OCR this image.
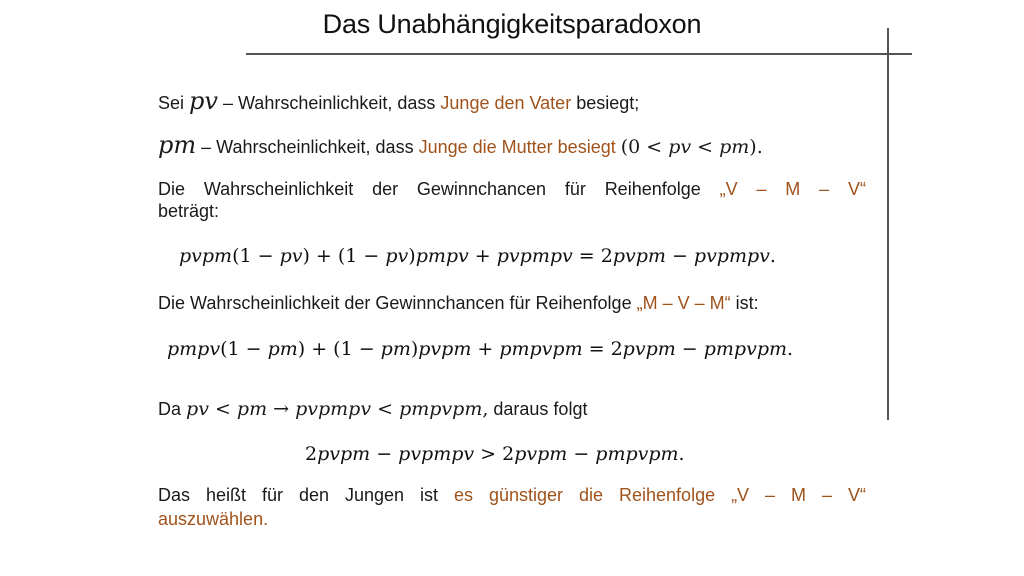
Das Unabhängigkeitsparadoxon
Sei 𝑝𝑣 – Wahrscheinlichkeit, dass Junge den Vater besiegt;
𝑝𝑚 – Wahrscheinlichkeit, dass Junge die Mutter besiegt (0 < 𝑝𝑣 < 𝑝𝑚).
Die Wahrscheinlichkeit der Gewinnchancen für Reihenfolge „V – M – V“
beträgt:
𝑝𝑣𝑝𝑚(1 − 𝑝𝑣) + (1 − 𝑝𝑣)𝑝𝑚𝑝𝑣 + 𝑝𝑣𝑝𝑚𝑝𝑣 = 2𝑝𝑣𝑝𝑚 − 𝑝𝑣𝑝𝑚𝑝𝑣.
Die Wahrscheinlichkeit der Gewinnchancen für Reihenfolge „M – V – M“ ist:
𝑝𝑚𝑝𝑣(1 − 𝑝𝑚) + (1 − 𝑝𝑚)𝑝𝑣𝑝𝑚 + 𝑝𝑚𝑝𝑣𝑝𝑚 = 2𝑝𝑣𝑝𝑚 − 𝑝𝑚𝑝𝑣𝑝𝑚.
Da 𝑝𝑣 < 𝑝𝑚 → 𝑝𝑣𝑝𝑚𝑝𝑣 < 𝑝𝑚𝑝𝑣𝑝𝑚, daraus folgt
2𝑝𝑣𝑝𝑚 − 𝑝𝑣𝑝𝑚𝑝𝑣 > 2𝑝𝑣𝑝𝑚 − 𝑝𝑚𝑝𝑣𝑝𝑚.
Das heißt für den Jungen ist es günstiger die Reihenfolge „V – M – V“
auszuwählen.
